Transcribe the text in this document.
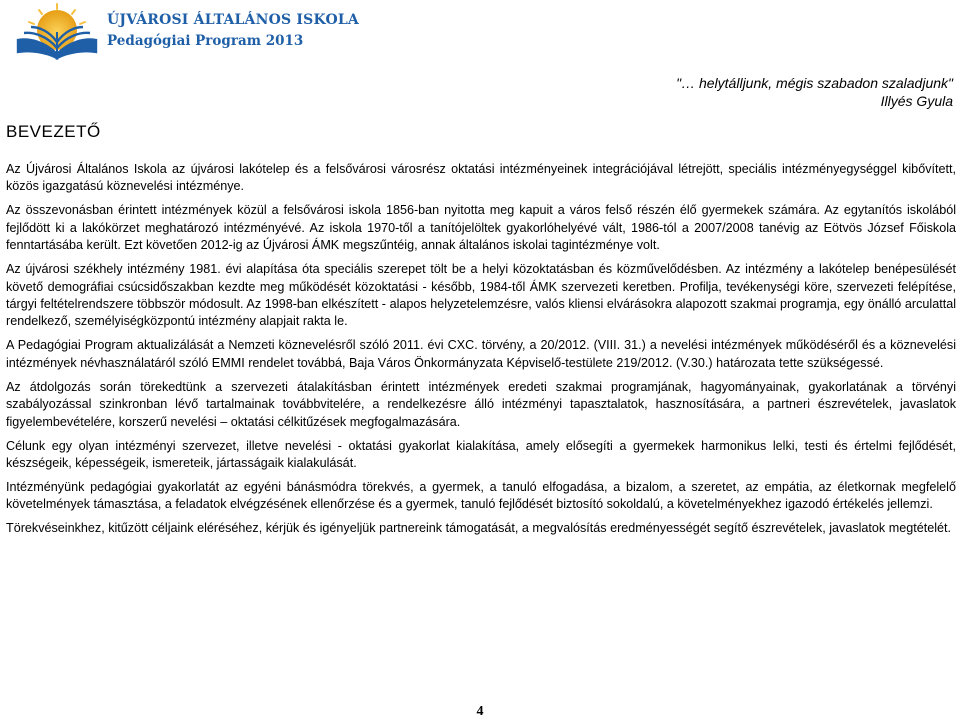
ÚJVÁROSI ÁLTALÁNOS ISKOLA
Pedagógiai Program 2013
"… helytálljunk, mégis szabadon szaladjunk"
Illyés Gyula
BEVEZETŐ

Az Újvárosi Általános Iskola az újvárosi lakótelep és a felsővárosi városrész oktatási intézményeinek integrációjával létrejött, speciális intézményegységgel kibővített, közös igazgatású köznevelési intézménye.

Az összevonásban érintett intézmények közül a felsővárosi iskola 1856-ban nyitotta meg kapuit a város felső részén élő gyermekek számára. Az egytanítós iskolából fejlődött ki a lakókörzet meghatározó intézményévé. Az iskola 1970-től a tanítójelöltek gyakorlóhelyévé vált, 1986-tól a 2007/2008 tanévig az Eötvös József Főiskola fenntartásába került. Ezt követően 2012-ig az Újvárosi ÁMK megszűntéig, annak általános iskolai tagintézménye volt.

Az újvárosi székhely intézmény 1981. évi alapítása óta speciális szerepet tölt be a helyi közoktatásban és közművelődésben. Az intézmény a lakótelep benépesülését követő demográfiai csúcsidőszakban kezdte meg működését közoktatási - később, 1984-től ÁMK szervezeti keretben. Profilja, tevékenységi köre, szervezeti felépítése, tárgyi feltételrendszere többször módosult. Az 1998-ban elkészített - alapos helyzetelemzésre, valós kliensi elvárásokra alapozott szakmai programja, egy önálló arculattal rendelkező, személyiségközpontú intézmény alapjait rakta le.

A Pedagógiai Program aktualizálását a Nemzeti köznevelésről szóló 2011. évi CXC. törvény, a 20/2012. (VIII. 31.) a nevelési intézmények működéséről és a köznevelési intézmények névhasználatáról szóló EMMI rendelet továbbá, Baja Város Önkormányzata Képviselő-testülete 219/2012. (V.30.) határozata tette szükségessé.

Az átdolgozás során törekedtünk a szervezeti átalakításban érintett intézmények eredeti szakmai programjának, hagyományainak, gyakorlatának a törvényi szabályozással szinkronban lévő tartalmainak továbbvitelére, a rendelkezésre álló intézményi tapasztalatok, hasznosítására, a partneri észrevételek, javaslatok figyelembevételére, korszerű nevelési – oktatási célkitűzések megfogalmazására.

Célunk egy olyan intézményi szervezet, illetve nevelési - oktatási gyakorlat kialakítása, amely elősegíti a gyermekek harmonikus lelki, testi és értelmi fejlődését, készségeik, képességeik, ismereteik, jártasságaik kialakulását.

Intézményünk pedagógiai gyakorlatát az egyéni bánásmódra törekvés, a gyermek, a tanuló elfogadása, a bizalom, a szeretet, az empátia, az életkornak megfelelő követelmények támasztása, a feladatok elvégzésének ellenőrzése és a gyermek, tanuló fejlődését biztosító sokoldalú, a követelményekhez igazodó értékelés jellemzi.

Törekvéseinkhez, kitűzött céljaink eléréséhez, kérjük és igényeljük partnereink támogatását, a megvalósítás eredményességét segítő észrevételek, javaslatok megtételét.

4
